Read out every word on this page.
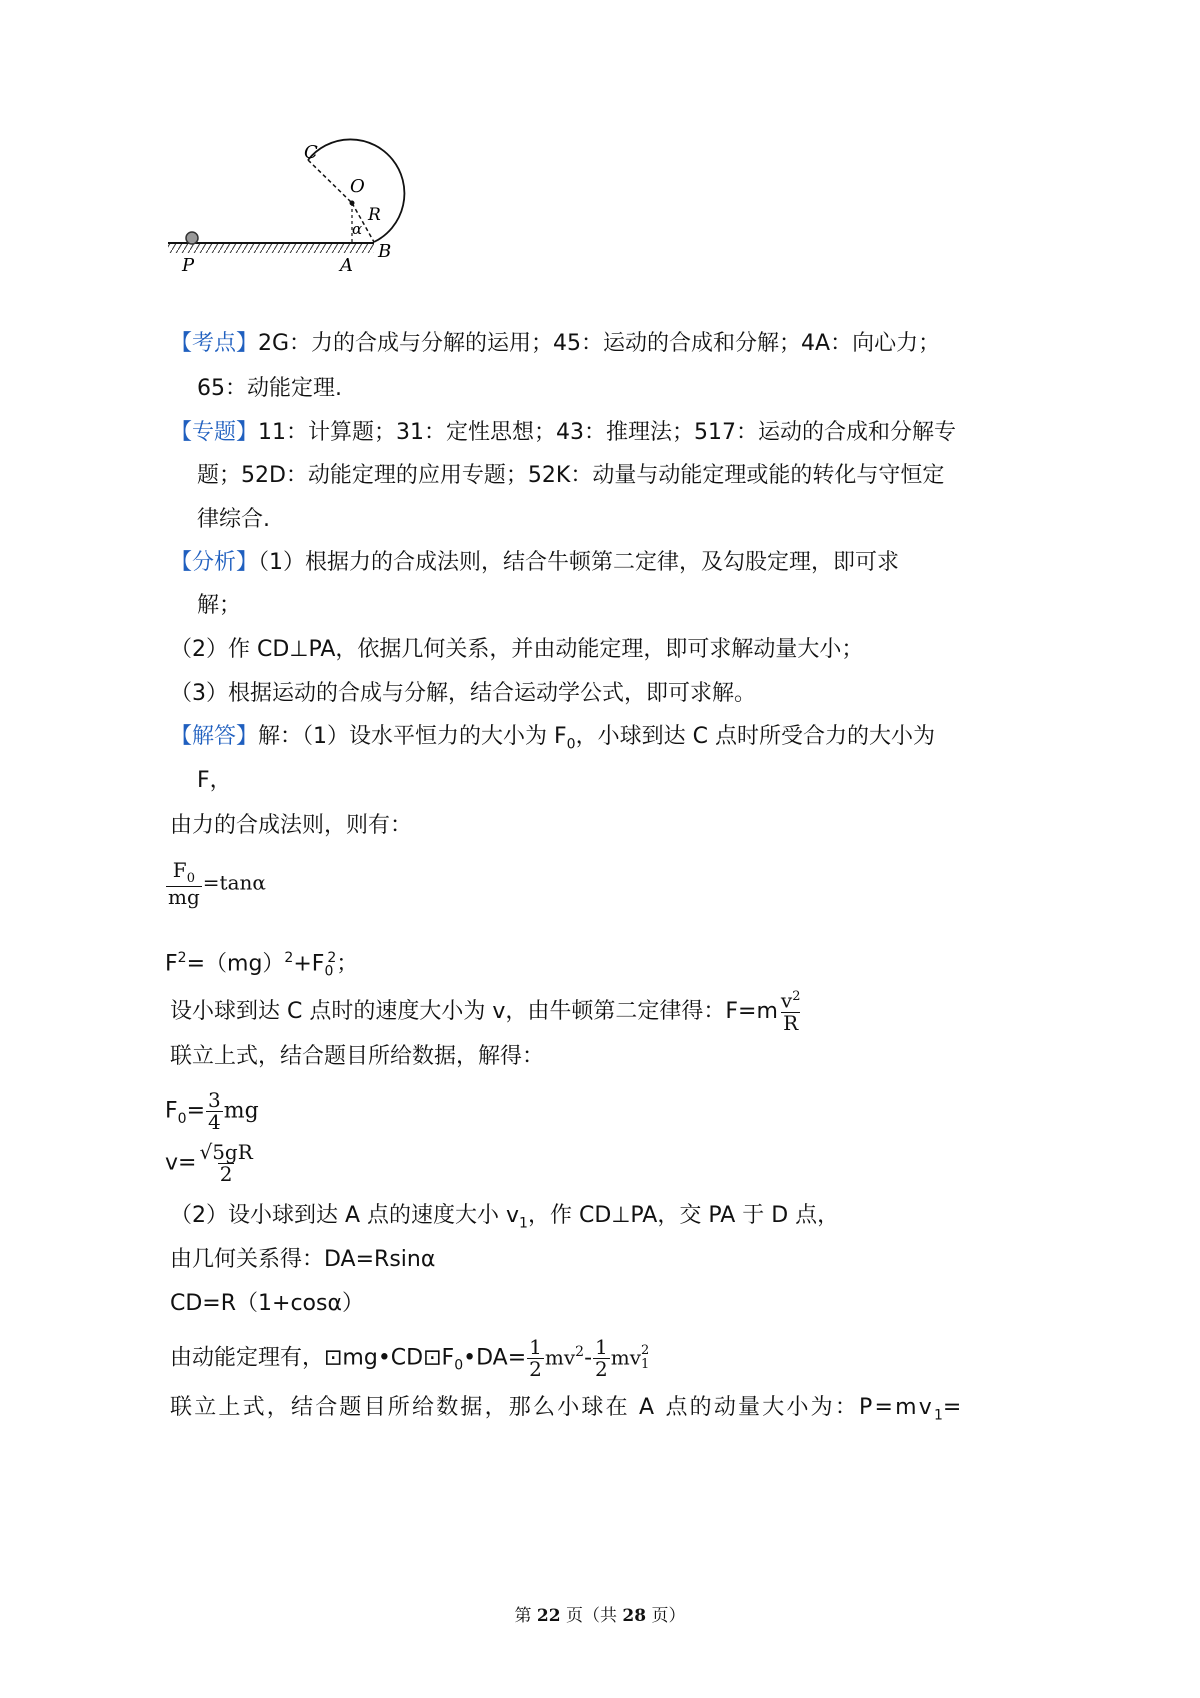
C
O
R
α
B
A
P
【考点】2G：力的合成与分解的运用；45：运动的合成和分解；4A：向心力；
65：动能定理.
【专题】11：计算题；31：定性思想；43：推理法；517：运动的合成和分解专
题；52D：动能定理的应用专题；52K：动量与动能定理或能的转化与守恒定
律综合.
【分析】（1）根据力的合成法则，结合牛顿第二定律，及勾股定理，即可求
解；
（2）作 CD⊥PA，依据几何关系，并由动能定理，即可求解动量大小；
（3）根据运动的合成与分解，结合运动学公式，即可求解。
【解答】解：（1）设水平恒力的大小为 $F_0$，小球到达 C 点时所受合力的大小为
F，
由力的合成法则，则有：
$\frac{F_0}{mg} =\tan\alpha$
$F^2=(mg)^2+F_0^2$；
设小球到达 C 点时的速度大小为 v，由牛顿第二定律得：$F=m \frac{v^2}{R}$
联立上式，结合题目所给数据，解得：
$F_0= \frac{3}{4}$ mg
$v= \frac{√5gR}{2}$
（2）设小球到达 A 点的速度大小 $v_1$，作 CD⊥PA，交 PA 于 D 点，
由几何关系得：DA=Rsinα
CD=R（1+cosα）
由动能定理有，$⊡mg•CD⊡F_0•DA= \frac{1}{2} mv^2- \frac{1}{2}$ mv 2
1
联立上式，结合题目所给数据，那么小球在 A 点的动量大小为：$P=mv_1=$
第 22 页（共 28 页）
